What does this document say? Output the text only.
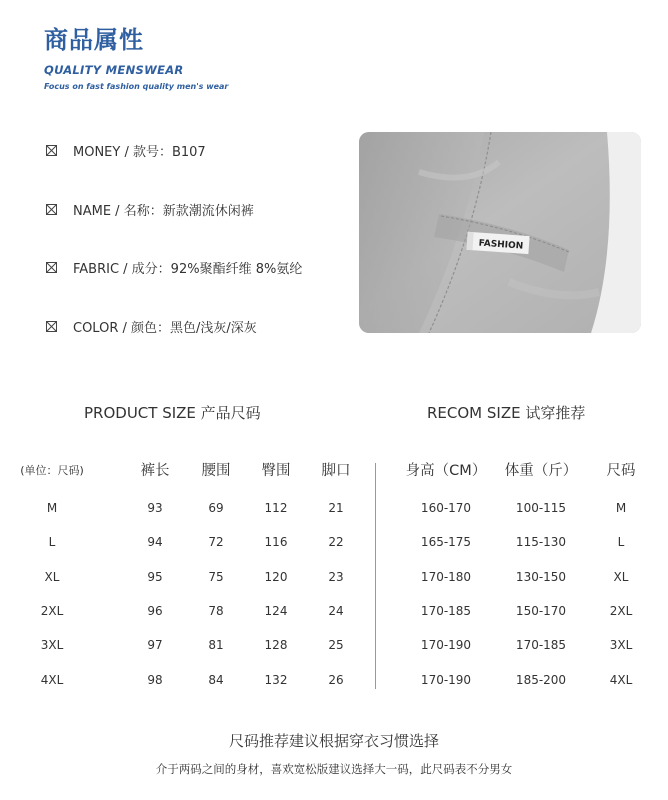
商品属性
QUALITY MENSWEAR
Focus on fast fashion quality men's wear
MONEY / 款号：B107
NAME / 名称：新款潮流休闲裤
FABRIC / 成分：92%聚酯纤维 8%氨纶
COLOR / 颜色：黑色/浅灰/深灰
FASHION
PRODUCT SIZE 产品尺码	RECOM SIZE 试穿推荐
(单位：尺码)	裤长 腰围 臀围 脚口
M	93	69	112	21
L	94	72	116	22
XL	95	75	120	23
2XL	96	78	124	24
3XL	97	81	128	25
4XL	98	84	132	26
身高（CM） 体重（斤） 尺码
160-170	100-115	M
165-175	115-130	L
170-180	130-150	XL
170-185	150-170	2XL
170-190	170-185	3XL
170-190	185-200	4XL
尺码推荐建议根据穿衣习惯选择
介于两码之间的身材，喜欢宽松版建议选择大一码，此尺码表不分男女
